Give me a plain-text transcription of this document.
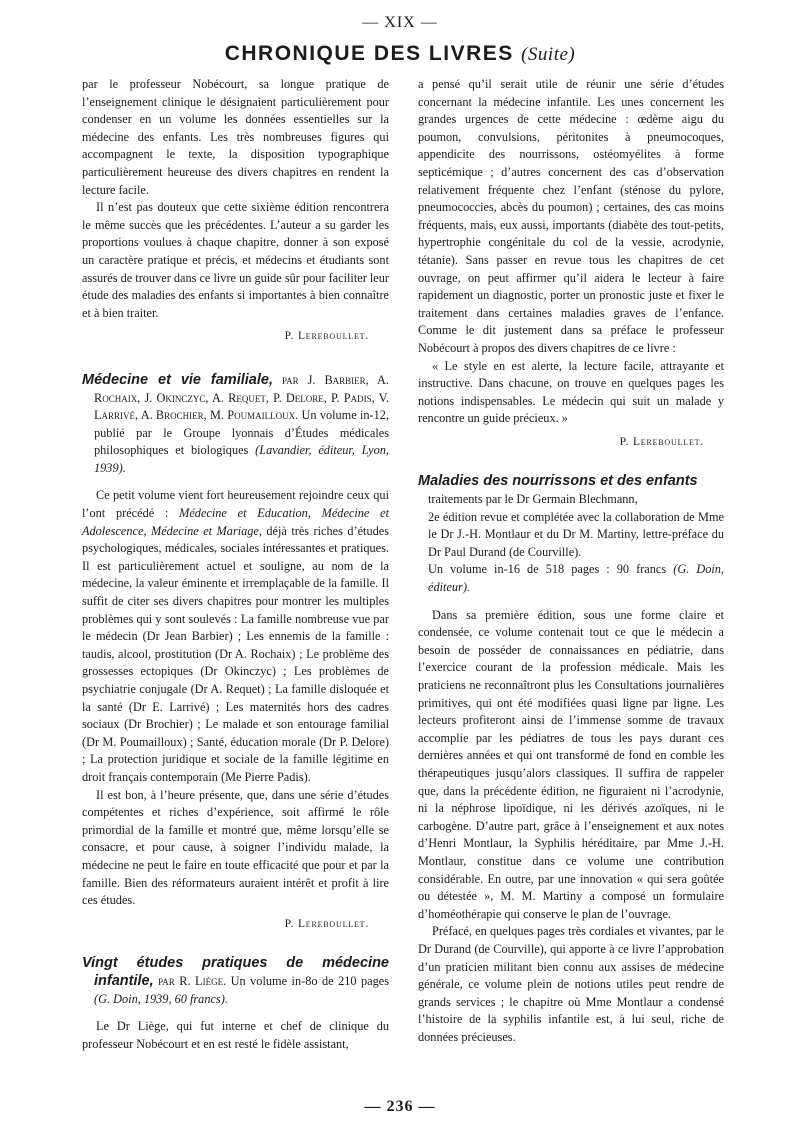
— XIX —
CHRONIQUE DES LIVRES (Suite)

par le professeur Nobécourt, sa longue pratique de l’enseignement clinique le désignaient particulièrement pour condenser en un volume les données essentielles sur la médecine des enfants. Les très nombreuses figures qui accompagnent le texte, la disposition typographique particulièrement heureuse des divers chapitres en rendent la lecture facile.

Il n’est pas douteux que cette sixième édition rencontrera le même succès que les précédentes. L’auteur a su garder les proportions voulues à chaque chapitre, donner à son exposé un caractère pratique et précis, et médecins et étudiants sont assurés de trouver dans ce livre un guide sûr pour faciliter leur étude des maladies des enfants si importantes à bien connaître et à bien traiter.

P. Lereboullet.
Médecine et vie familiale, par J. Barbier, A. Rochaix, J. Okinczyc, A. Requet, P. Delore, P. Padis, V. Larrivé, A. Brochier, M. Poumailloux. Un volume in-12, publié par le Groupe lyonnais d’Études médicales philosophiques et biologiques (Lavandier, éditeur, Lyon, 1939).

Ce petit volume vient fort heureusement rejoindre ceux qui l’ont précédé : Médecine et Education, Médecine et Adolescence, Médecine et Mariage, déjà très riches d’études psychologiques, médicales, sociales intéressantes et pratiques. Il est particulièrement actuel et souligne, au nom de la médecine, la valeur éminente et irremplaçable de la famille. Il suffit de citer ses divers chapitres pour montrer les multiples problèmes qui y sont soulevés : La famille nombreuse vue par le médecin (Dr Jean Barbier) ; Les ennemis de la famille : taudis, alcool, prostitution (Dr A. Rochaix) ; Le problème des grossesses ectopiques (Dr Okinczyc) ; Les problèmes de psychiatrie conjugale (Dr A. Requet) ; La famille disloquée et la santé (Dr E. Larrivé) ; Les maternités hors des cadres sociaux (Dr Brochier) ; Le malade et son entourage familial (Dr M. Poumailloux) ; Santé, éducation morale (Dr P. Delore) ; La protection juridique et sociale de la famille légitime en droit français contemporain (Me Pierre Padis).

Il est bon, à l’heure présente, que, dans une série d’études compétentes et riches d’expérience, soit affirmé le rôle primordial de la famille et montré que, même lorsqu’elle se consacre, et pour cause, à soigner l’individu malade, la médecine ne peut le faire en toute efficacité que pour et par la famille. Bien des réformateurs auraient intérêt et profit à lire ces études.

P. Lereboullet.
Vingt études pratiques de médecine infantile, par R. Liège. Un volume in-8o de 210 pages (G. Doin, 1939, 60 francs).

Le Dr Liège, qui fut interne et chef de clinique du professeur Nobécourt et en est resté le fidèle assistant,

a pensé qu’il serait utile de réunir une série d’études concernant la médecine infantile. Les unes concernent les grandes urgences de cette médecine : œdème aigu du poumon, convulsions, péritonites à pneumocoques, appendicite des nourrissons, ostéomyélites à forme septicémique ; d’autres concernent des cas d’observation relativement fréquente chez l’enfant (sténose du pylore, pneumococcies, abcès du poumon) ; certaines, des cas moins fréquents, mais, eux aussi, importants (diabète des tout-petits, hypertrophie congénitale du col de la vessie, acrodynie, tétanie). Sans passer en revue tous les chapitres de cet ouvrage, on peut affirmer qu’il aidera le lecteur à faire rapidement un diagnostic, porter un pronostic juste et fixer le traitement dans certaines maladies graves de l’enfance. Comme le dit justement dans sa préface le professeur Nobécourt à propos des divers chapitres de ce livre :

« Le style en est alerte, la lecture facile, attrayante et instructive. Dans chacune, on trouve en quelques pages les notions indispensables. Le médecin qui suit un malade y rencontre un guide précieux. »

P. Lereboullet.
Maladies des nourrissons et des enfants
traitements par le Dr Germain Blechmann,
2e édition revue et complétée avec la collaboration de Mme le Dr J.-H. Montlaur et du Dr M. Martiny, lettre-préface du Dr Paul Durand (de Courville).
Un volume in-16 de 518 pages : 90 francs (G. Doin, éditeur).

Dans sa première édition, sous une forme claire et condensée, ce volume contenait tout ce que le médecin a besoin de posséder de connaissances en pédiatrie, dans l’exercice courant de la profession médicale. Mais les praticiens ne reconnaîtront plus les Consultations journalières primitives, qui ont été modifiées quasi ligne par ligne. Les lecteurs profiteront ainsi de l’immense somme de travaux accomplie par les pédiatres de tous les pays durant ces dernières années et qui ont transformé de fond en comble les thérapeutiques jusqu’alors classiques. Il suffira de rappeler que, dans la précédente édition, ne figuraient ni l’acrodynie, ni la néphrose lipoïdique, ni les dérivés azoïques, ni le carbogène. D’autre part, grâce à l’enseignement et aux notes d’Henri Montlaur, la Syphilis héréditaire, par Mme J.-H. Montlaur, constitue dans ce volume une contribution considérable. En outre, par une innovation « qui sera goûtée ou détestée », M. M. Martiny a composé un formulaire d’homéothérapie qui conserve le plan de l’ouvrage.

Préfacé, en quelques pages très cordiales et vivantes, par le Dr Durand (de Courville), qui apporte à ce livre l’approbation d’un praticien militant bien connu aux assises de médecine générale, ce volume plein de notions utiles peut rendre de grands services ; le chapitre où Mme Montlaur a condensé l’histoire de la syphilis infantile est, à lui seul, riche de données précieuses.

— 236 —
